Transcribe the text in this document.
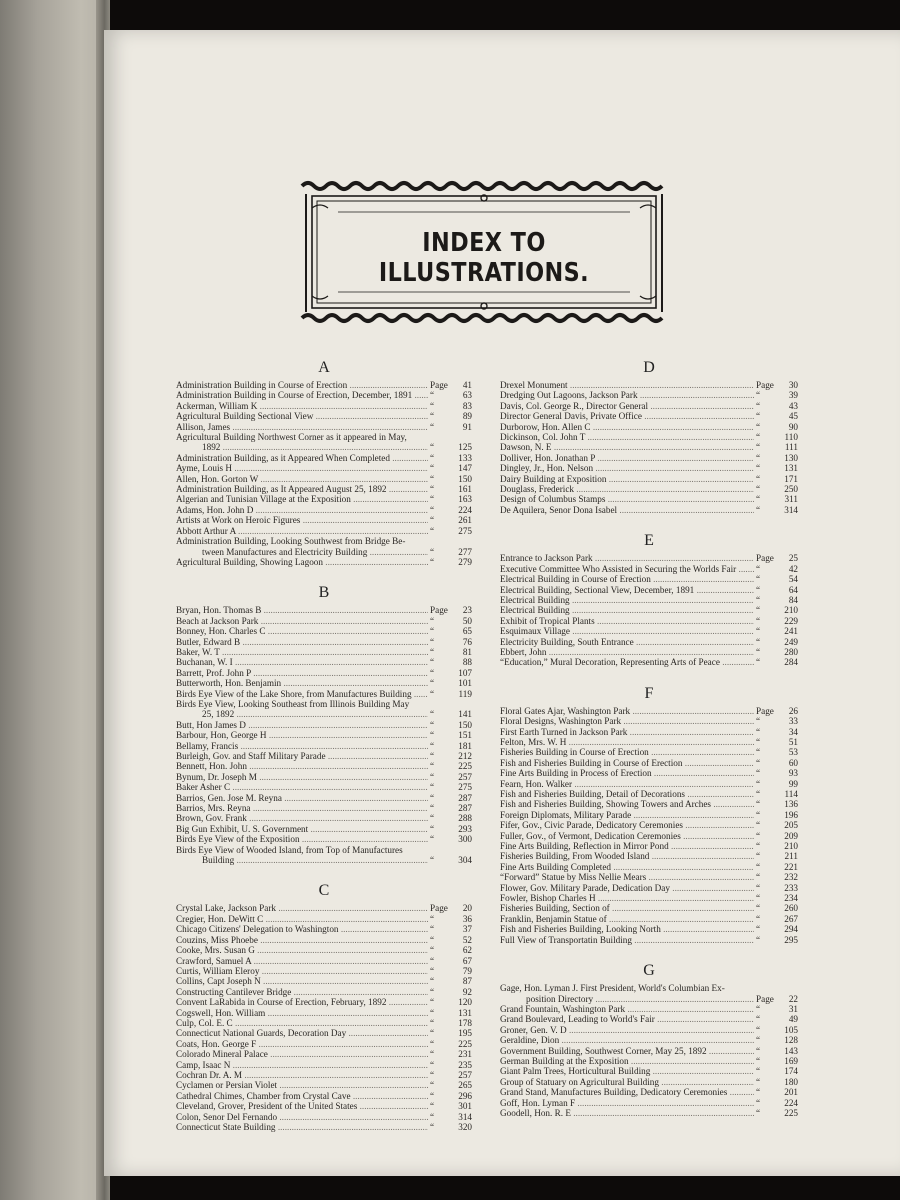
INDEX TO ILLUSTRATIONS.
A
Administration Building in Course of Erection .....	Page	41
Administration Building in Course of Erection, December, 1891 .....	“	63
Ackerman, William K .....	“	83
Agricultural Building Sectional View .....	“	89
Allison, James .....	“	91
Agricultural Building Northwest Corner as it appeared in May,
1892 .....	“	125
Administration Building, as it Appeared When Completed .....	“	133
Ayme, Louis H .....	“	147
Allen, Hon. Gorton W .....	“	150
Administration Building, as It Appeared August 25, 1892 .....	“	161
Algerian and Tunisian Village at the Exposition .....	“	163
Adams, Hon. John D .....	“	224
Artists at Work on Heroic Figures .....	“	261
Abbott Arthur A .....	“	275
Administration Building, Looking Southwest from Bridge Be-
tween Manufactures and Electricity Building .....	“	277
Agricultural Building, Showing Lagoon .....	“	279
B
Bryan, Hon. Thomas B .....	Page	23
Beach at Jackson Park .....	“	50
Bonney, Hon. Charles C .....	“	65
Butler, Edward B .....	“	76
Baker, W. T .....	“	81
Buchanan, W. I .....	“	88
Barrett, Prof. John P .....	“	107
Butterworth, Hon. Benjamin .....	“	101
Birds Eye View of the Lake Shore, from Manufactures Building .....	“	119
Birds Eye View, Looking Southeast from Illinois Building May
25, 1892 .....	“	141
Butt, Hon James D .....	“	150
Barbour, Hon, George H .....	“	151
Bellamy, Francis .....	“	181
Burleigh, Gov. and Staff Military Parade .....	“	212
Bennett, Hon. John .....	“	225
Bynum, Dr. Joseph M .....	“	257
Baker Asher C .....	“	275
Barrios, Gen. Jose M. Reyna .....	“	287
Barrios, Mrs. Reyna .....	“	287
Brown, Gov. Frank .....	“	288
Big Gun Exhibit, U. S. Government .....	“	293
Birds Eye View of the Exposition .....	“	300
Birds Eye View of Wooded Island, from Top of Manufactures
Building .....	“	304
C
Crystal Lake, Jackson Park .....	Page	20
Cregier, Hon. DeWitt C .....	“	36
Chicago Citizens' Delegation to Washington .....	“	37
Couzins, Miss Phoebe .....	“	52
Cooke, Mrs. Susan G .....	“	62
Crawford, Samuel A .....	“	67
Curtis, William Eleroy .....	“	79
Collins, Capt Joseph N .....	“	87
Constructing Cantilever Bridge .....	“	92
Convent LaRabida in Course of Erection, February, 1892 .....	“	120
Cogswell, Hon. William .....	“	131
Culp, Col. E. C .....	“	178
Connecticut National Guards, Decoration Day .....	“	195
Coats, Hon. George F .....	“	225
Colorado Mineral Palace .....	“	231
Camp, Isaac N .....	“	235
Cochran Dr. A. M .....	“	257
Cyclamen or Persian Violet .....	“	265
Cathedral Chimes, Chamber from Crystal Cave .....	“	296
Cleveland, Grover, President of the United States .....	“	301
Colon, Senor Del Fernando .....	“	314
Connecticut State Building .....	“	320
D
Drexel Monument .....	Page	30
Dredging Out Lagoons, Jackson Park .....	“	39
Davis, Col. George R., Director General .....	“	43
Director General Davis, Private Office .....	“	45
Durborow, Hon. Allen C .....	“	90
Dickinson, Col. John T .....	“	110
Dawson, N. E .....	“	111
Dolliver, Hon. Jonathan P .....	“	130
Dingley, Jr., Hon. Nelson .....	“	131
Dairy Building at Exposition .....	“	171
Douglass, Frederick .....	“	250
Design of Columbus Stamps .....	“	311
De Aquilera, Senor Dona Isabel .....	“	314
E
Entrance to Jackson Park .....	Page	25
Executive Committee Who Assisted in Securing the Worlds Fair .....	“	42
Electrical Building in Course of Erection .....	“	54
Electrical Building, Sectional View, December, 1891 .....	“	64
Electrical Building .....	“	84
Electrical Building .....	“	210
Exhibit of Tropical Plants .....	“	229
Esquimaux Village .....	“	241
Electricity Building, South Entrance .....	“	249
Ebbert, John .....	“	280
“Education,” Mural Decoration, Representing Arts of Peace .....	“	284
F
Floral Gates Ajar, Washington Park .....	Page	26
Floral Designs, Washington Park .....	“	33
First Earth Turned in Jackson Park .....	“	34
Felton, Mrs. W. H .....	“	51
Fisheries Building in Course of Erection .....	“	53
Fish and Fisheries Building in Course of Erection .....	“	60
Fine Arts Building in Process of Erection .....	“	93
Fearn, Hon. Walker .....	“	99
Fish and Fisheries Building, Detail of Decorations .....	“	114
Fish and Fisheries Building, Showing Towers and Arches .....	“	136
Foreign Diplomats, Military Parade .....	“	196
Fifer, Gov., Civic Parade, Dedicatory Ceremonies .....	“	205
Fuller, Gov., of Vermont, Dedication Ceremonies .....	“	209
Fine Arts Building, Reflection in Mirror Pond .....	“	210
Fisheries Building, From Wooded Island .....	“	211
Fine Arts Building Completed .....	“	221
“Forward” Statue by Miss Nellie Mears .....	“	232
Flower, Gov. Military Parade, Dedication Day .....	“	233
Fowler, Bishop Charles H .....	“	234
Fisheries Building, Section of .....	“	260
Franklin, Benjamin Statue of .....	“	267
Fish and Fisheries Building, Looking North .....	“	294
Full View of Transportatin Building .....	“	295
G
Gage, Hon. Lyman J. First President, World's Columbian Ex-
position Directory .....	Page	22
Grand Fountain, Washington Park .....	“	31
Grand Boulevard, Leading to World's Fair .....	“	49
Groner, Gen. V. D .....	“	105
Geraldine, Dion .....	“	128
Government Building, Southwest Corner, May 25, 1892 .....	“	143
German Building at the Exposition .....	“	169
Giant Palm Trees, Horticultural Building .....	“	174
Group of Statuary on Agricultural Building .....	“	180
Grand Stand, Manufactures Building, Dedicatory Ceremonies .....	“	201
Goff, Hon. Lyman F .....	“	224
Goodell, Hon. R. E .....	“	225
